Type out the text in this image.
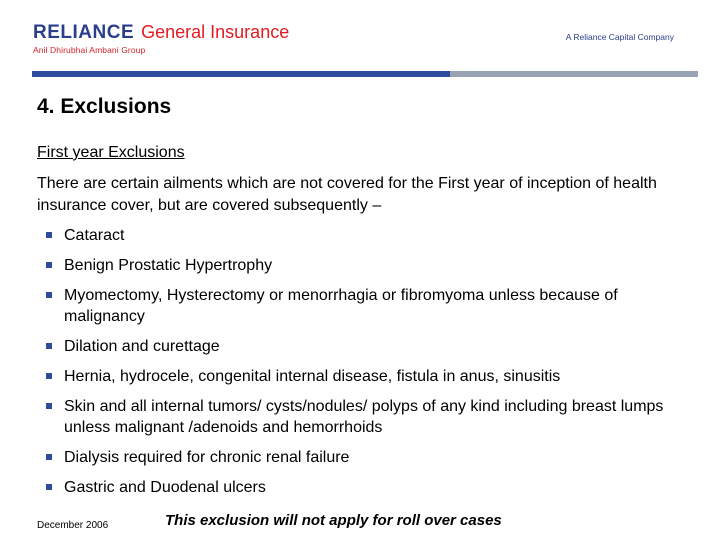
RELIANCE General Insurance
Anil Dhirubhai Ambani Group
A Reliance Capital Company
4. Exclusions
First year Exclusions

There are certain ailments which are not covered for the First year of inception of health insurance cover, but are covered subsequently –

Cataract
Benign Prostatic Hypertrophy
Myomectomy, Hysterectomy or menorrhagia or fibromyoma unless because of malignancy
Dilation and curettage
Hernia, hydrocele, congenital internal disease, fistula in anus, sinusitis
Skin and all internal tumors/ cysts/nodules/ polyps of any kind including breast lumps unless malignant /adenoids and hemorrhoids
Dialysis required for chronic renal failure
Gastric and Duodenal ulcers
December 2006	This exclusion will not apply for roll over cases
